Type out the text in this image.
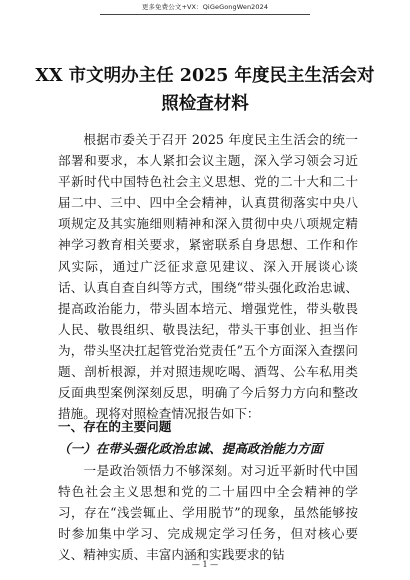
更多免费公文+VX：QiGeGongWen2024
XX 市文明办主任 2025 年度民主生活会对
照检查材料

根据市委关于召开 2025 年度民主生活会的统一部署和要求，本人紧扣会议主题，深入学习领会习近平新时代中国特色社会主义思想、党的二十大和二十届二中、三中、四中全会精神，认真贯彻落实中央八项规定及其实施细则精神和深入贯彻中央八项规定精神学习教育相关要求，紧密联系自身思想、工作和作风实际，通过广泛征求意见建议、深入开展谈心谈话、认真自查自纠等方式，围绕“带头强化政治忠诚、提高政治能力，带头固本培元、增强党性，带头敬畏人民、敬畏组织、敬畏法纪，带头干事创业、担当作为，带头坚决扛起管党治党责任”五个方面深入查摆问题、剖析根源，并对照违规吃喝、酒驾、公车私用类反面典型案例深刻反思，明确了今后努力方向和整改措施。现将对照检查情况报告如下：

一、存在的主要问题
（一）在带头强化政治忠诚、提高政治能力方面

一是政治领悟力不够深刻。对习近平新时代中国特色社会主义思想和党的二十届四中全会精神的学习，存在“浅尝辄止、学用脱节”的现象，虽然能够按时参加集中学习、完成规定学习任务，但对核心要义、精神实质、丰富内涵和实践要求的钻

— 1 —
